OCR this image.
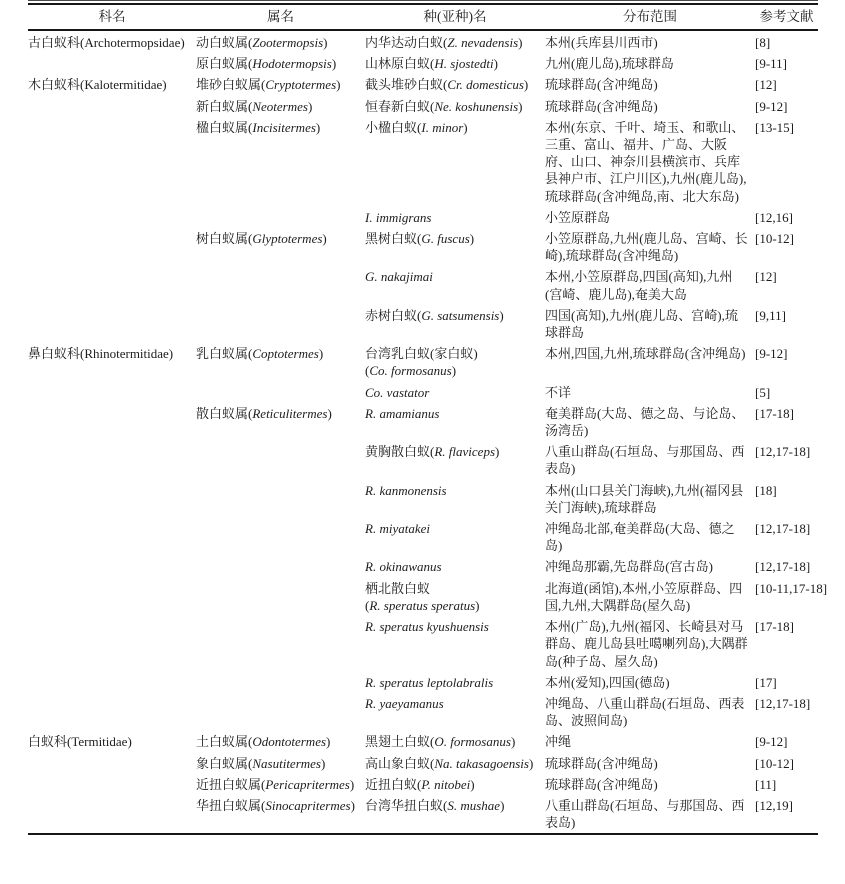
科名	属名	种(亚种)名	分布范围	参考文献
古白蚁科(Archotermopsidae)	动白蚁属(Zootermopsis)	内华达动白蚁(Z. nevadensis)	本州(兵库县川西市)	[8]
	原白蚁属(Hodotermopsis)	山林原白蚁(H. sjostedti)	九州(鹿儿岛),琉球群岛	[9-11]
木白蚁科(Kalotermitidae)	堆砂白蚁属(Cryptotermes)	截头堆砂白蚁(Cr. domesticus)	琉球群岛(含冲绳岛)	[12]
	新白蚁属(Neotermes)	恒春新白蚁(Ne. koshunensis)	琉球群岛(含冲绳岛)	[9-12]
	楹白蚁属(Incisitermes)	小楹白蚁(I. minor)	本州(东京、千叶、埼玉、和歌山、三重、富山、福井、广岛、大阪府、山口、神奈川县横滨市、兵库县神户市、江户川区),九州(鹿儿岛),琉球群岛(含冲绳岛,南、北大东岛)	[13-15]
		I. immigrans	小笠原群岛	[12,16]
	树白蚁属(Glyptotermes)	黑树白蚁(G. fuscus)	小笠原群岛,九州(鹿儿岛、宫崎、长崎),琉球群岛(含冲绳岛)	[10-12]
		G. nakajimai	本州,小笠原群岛,四国(高知),九州(宫崎、鹿儿岛),奄美大岛	[12]
		赤树白蚁(G. satsumensis)	四国(高知),九州(鹿儿岛、宫崎),琉球群岛	[9,11]
鼻白蚁科(Rhinotermitidae)	乳白蚁属(Coptotermes)	台湾乳白蚁(家白蚁)
(Co. formosanus)	本州,四国,九州,琉球群岛(含冲绳岛)	[9-12]
		Co. vastator	不详	[5]
	散白蚁属(Reticulitermes)	R. amamianus	奄美群岛(大岛、德之岛、与论岛、汤湾岳)	[17-18]
		黄胸散白蚁(R. flaviceps)	八重山群岛(石垣岛、与那国岛、西表岛)	[12,17-18]
		R. kanmonensis	本州(山口县关门海峡),九州(福冈县关门海峡),琉球群岛	[18]
		R. miyatakei	冲绳岛北部,奄美群岛(大岛、德之岛)	[12,17-18]
		R. okinawanus	冲绳岛那霸,先岛群岛(宫古岛)	[12,17-18]

		栖北散白蚁
(R. speratus speratus)	北海道(函馆),本州,小笠原群岛、四国,九州,大隅群岛(屋久岛)	[10-11,17-18]
		R. speratus kyushuensis	本州(广岛),九州(福冈、长崎县对马群岛、鹿儿岛县吐噶喇列岛),大隅群岛(种子岛、屋久岛)	[17-18]
		R. speratus leptolabralis	本州(爱知),四国(德岛)	[17]
		R. yaeyamanus	冲绳岛、八重山群岛(石垣岛、西表岛、波照间岛)	[12,17-18]
白蚁科(Termitidae)	土白蚁属(Odontotermes)	黑翅土白蚁(O. formosanus)	冲绳	[9-12]
	象白蚁属(Nasutitermes)	高山象白蚁(Na. takasagoensis)	琉球群岛(含冲绳岛)	[10-12]
	近扭白蚁属(Pericapritermes)	近扭白蚁(P. nitobei)	琉球群岛(含冲绳岛)	[11]
	华扭白蚁属(Sinocapritermes)	台湾华扭白蚁(S. mushae)	八重山群岛(石垣岛、与那国岛、西表岛)	[12,19]
